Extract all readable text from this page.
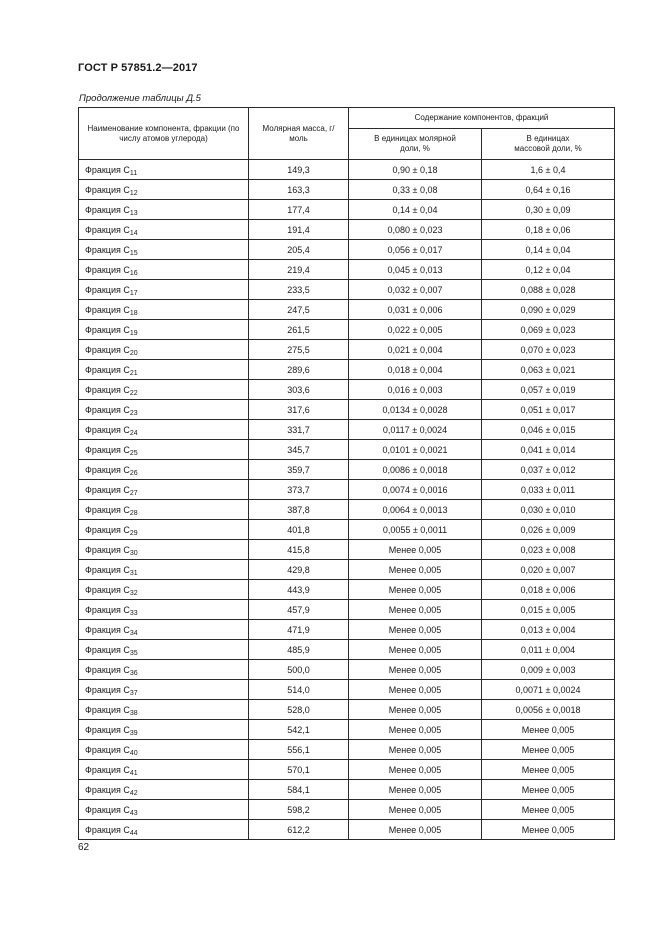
ГОСТ Р 57851.2—2017
Продолжение таблицы Д.5
Наименование компонента, фракции (по числу атомов углерода)	Молярная масса, г/моль	Содержание компонентов, фракций	
		В единицах молярной доли, %	В единицах массовой доли, %
Фракция $C_{11}$	149,3	0,90 ± 0,18	1,6 ± 0,4
Фракция $C_{12}$	163,3	0,33 ± 0,08	0,64 ± 0,16
Фракция $C_{13}$	177,4	0,14 ± 0,04	0,30 ± 0,09
Фракция $C_{14}$	191,4	0,080 ± 0,023	0,18 ± 0,06
Фракция $C_{15}$	205,4	0,056 ± 0,017	0,14 ± 0,04
Фракция $C_{16}$	219,4	0,045 ± 0,013	0,12 ± 0,04
Фракция $C_{17}$	233,5	0,032 ± 0,007	0,088 ± 0,028
Фракция $C_{18}$	247,5	0,031 ± 0,006	0,090 ± 0,029
Фракция $C_{19}$	261,5	0,022 ± 0,005	0,069 ± 0,023
Фракция $C_{20}$	275,5	0,021 ± 0,004	0,070 ± 0,023
Фракция $C_{21}$	289,6	0,018 ± 0,004	0,063 ± 0,021
Фракция $C_{22}$	303,6	0,016 ± 0,003	0,057 ± 0,019
Фракция $C_{23}$	317,6	0,0134 ± 0,0028	0,051 ± 0,017
Фракция $C_{24}$	331,7	0,0117 ± 0,0024	0,046 ± 0,015
Фракция $C_{25}$	345,7	0,0101 ± 0,0021	0,041 ± 0,014
Фракция $C_{26}$	359,7	0,0086 ± 0,0018	0,037 ± 0,012
Фракция $C_{27}$	373,7	0,0074 ± 0,0016	0,033 ± 0,011
Фракция $C_{28}$	387,8	0,0064 ± 0,0013	0,030 ± 0,010
Фракция $C_{29}$	401,8	0,0055 ± 0,0011	0,026 ± 0,009
Фракция $C_{30}$	415,8	Менее 0,005	0,023 ± 0,008
Фракция $C_{31}$	429,8	Менее 0,005	0,020 ± 0,007
Фракция $C_{32}$	443,9	Менее 0,005	0,018 ± 0,006
Фракция $C_{33}$	457,9	Менее 0,005	0,015 ± 0,005
Фракция $C_{34}$	471,9	Менее 0,005	0,013 ± 0,004
Фракция $C_{35}$	485,9	Менее 0,005	0,011 ± 0,004
Фракция $C_{36}$	500,0	Менее 0,005	0,009 ± 0,003
Фракция $C_{37}$	514,0	Менее 0,005	0,0071 ± 0,0024
Фракция $C_{38}$	528,0	Менее 0,005	0,0056 ± 0,0018
Фракция $C_{39}$	542,1	Менее 0,005	Менее 0,005
Фракция $C_{40}$	556,1	Менее 0,005	Менее 0,005
Фракция $C_{41}$	570,1	Менее 0,005	Менее 0,005
Фракция $C_{42}$	584,1	Менее 0,005	Менее 0,005
Фракция $C_{43}$	598,2	Менее 0,005	Менее 0,005
Фракция $C_{44}$	612,2	Менее 0,005	Менее 0,005
62
